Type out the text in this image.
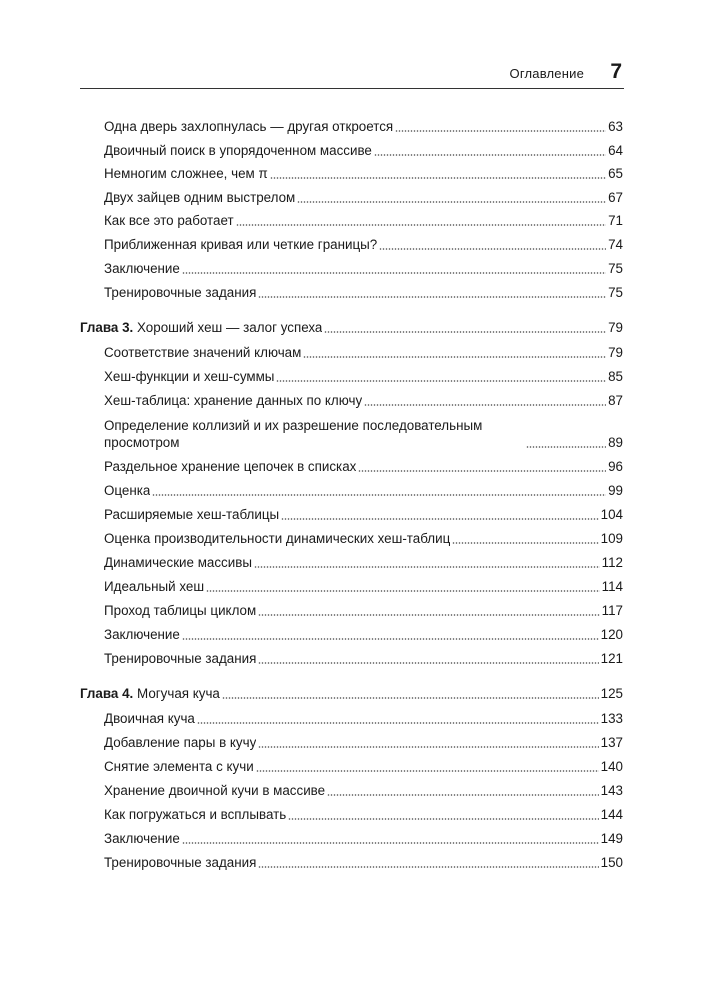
Оглавление 7
Одна дверь захлопнулась — другая откроется	63
Двоичный поиск в упорядоченном массиве	64
Немногим сложнее, чем π	65
Двух зайцев одним выстрелом	67
Как все это работает	71
Приближенная кривая или четкие границы?	74
Заключение	75
Тренировочные задания	75
Глава 3. Хороший хеш — залог успеха	79
Соответствие значений ключам	79
Хеш-функции и хеш-суммы	85
Хеш-таблица: хранение данных по ключу	87
Определение коллизий и их разрешение последовательным просмотром	89
Раздельное хранение цепочек в списках	96
Оценка	99
Расширяемые хеш-таблицы	104
Оценка производительности динамических хеш-таблиц	109
Динамические массивы	112
Идеальный хеш	114
Проход таблицы циклом	117
Заключение	120
Тренировочные задания	121
Глава 4. Могучая куча	125
Двоичная куча	133
Добавление пары в кучу	137
Снятие элемента с кучи	140
Хранение двоичной кучи в массиве	143
Как погружаться и всплывать	144
Заключение	149
Тренировочные задания	150
